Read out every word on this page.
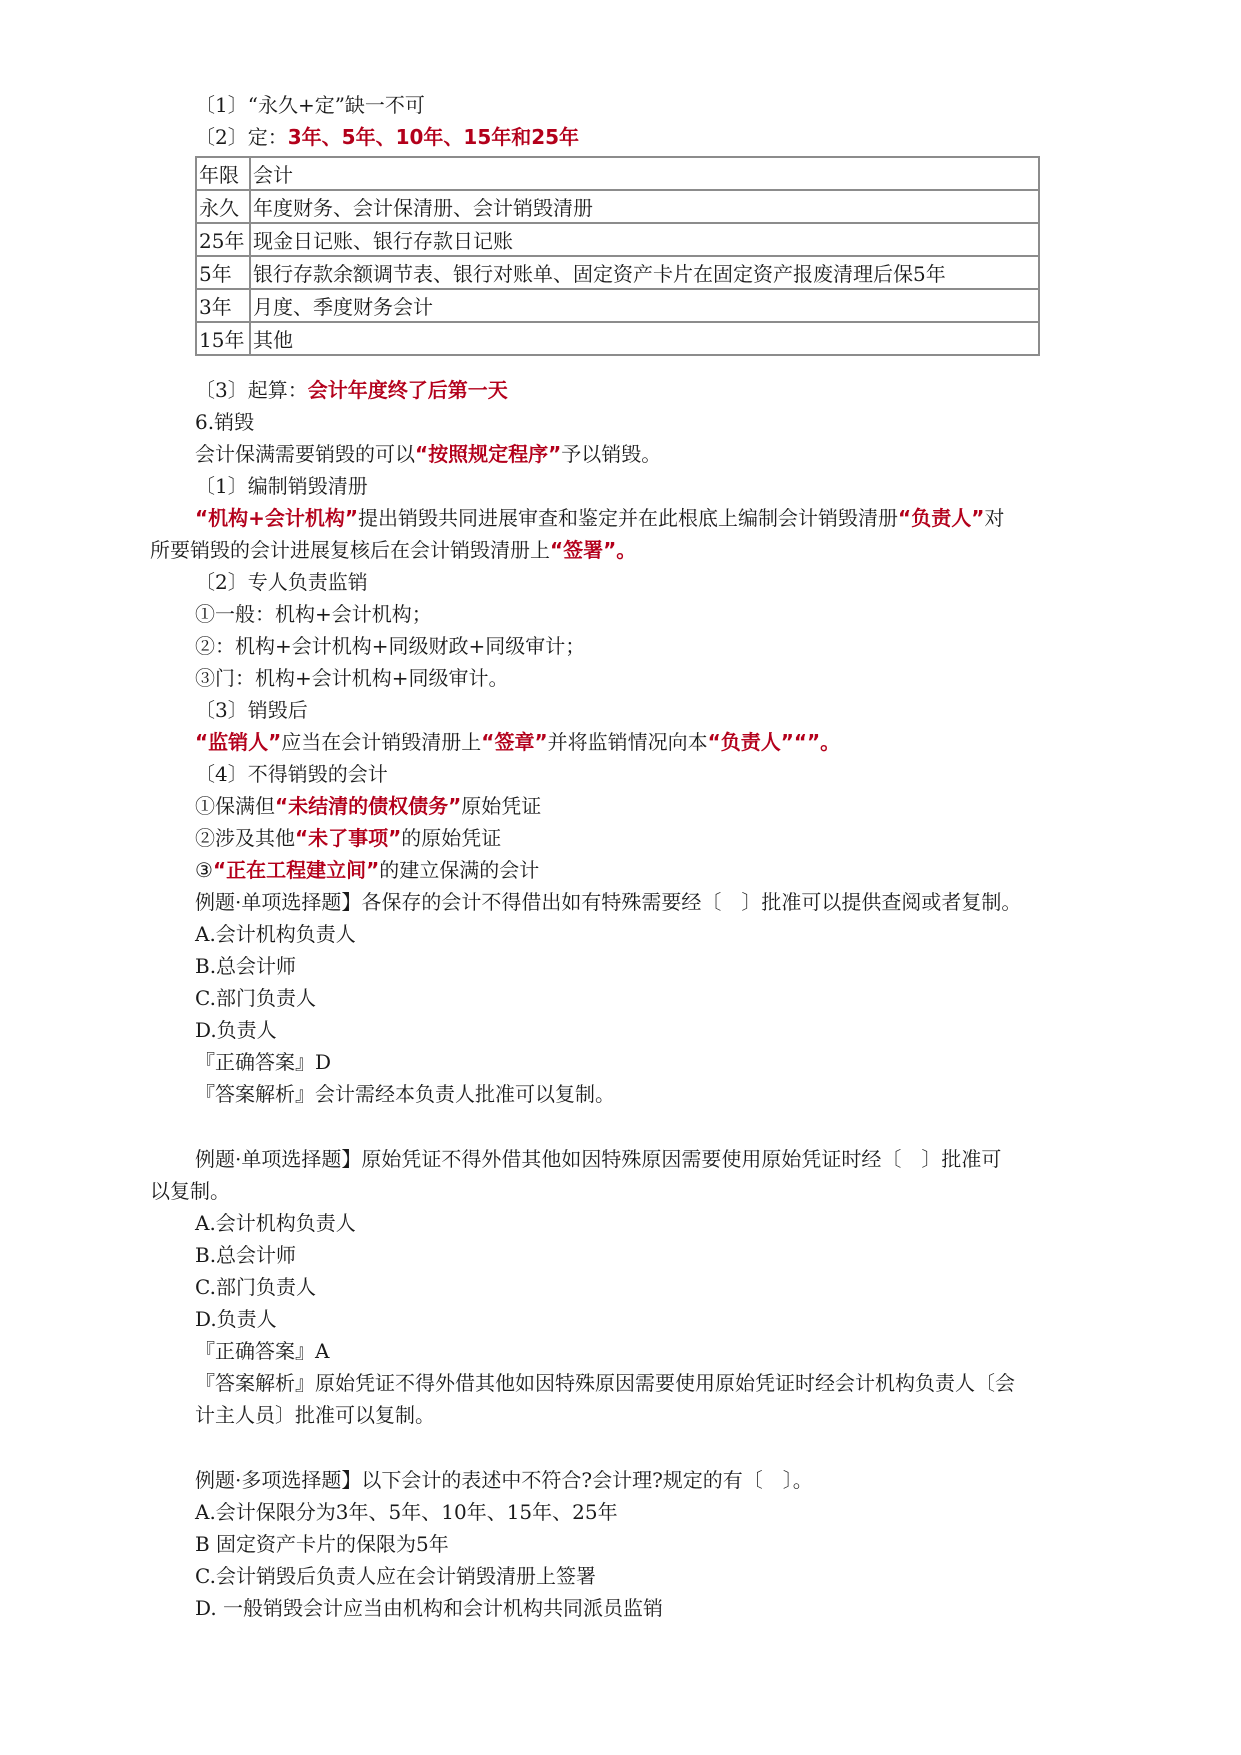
〔1〕“永久+定”缺一不可
〔2〕定：3年、5年、10年、15年和25年
年限	会计
永久	年度财务、会计保清册、会计销毁清册
25年	现金日记账、银行存款日记账
5年	银行存款余额调节表、银行对账单、固定资产卡片在固定资产报废清理后保5年
3年	月度、季度财务会计
15年	其他
〔3〕起算：会计年度终了后第一天
6.销毁
会计保满需要销毁的可以“按照规定程序”予以销毁。
〔1〕编制销毁清册
“机构+会计机构”提出销毁共同进展审查和鉴定并在此根底上编制会计销毁清册“负责人”对
所要销毁的会计进展复核后在会计销毁清册上“签署”。
〔2〕专人负责监销
①一般：机构+会计机构；
②：机构+会计机构+同级财政+同级审计；
③门：机构+会计机构+同级审计。
〔3〕销毁后
“监销人”应当在会计销毁清册上“签章”并将监销情况向本“负责人”“”。
〔4〕不得销毁的会计
①保满但“未结清的债权债务”原始凭证
②涉及其他“未了事项”的原始凭证
③“正在工程建立间”的建立保满的会计
例题·单项选择题】各保存的会计不得借出如有特殊需要经〔　〕批准可以提供查阅或者复制。
A.会计机构负责人
B.总会计师
C.部门负责人
D.负责人
『正确答案』D
『答案解析』会计需经本负责人批准可以复制。
例题·单项选择题】原始凭证不得外借其他如因特殊原因需要使用原始凭证时经〔　〕批准可
以复制。
A.会计机构负责人
B.总会计师
C.部门负责人
D.负责人
『正确答案』A
『答案解析』原始凭证不得外借其他如因特殊原因需要使用原始凭证时经会计机构负责人〔会
计主人员〕批准可以复制。
例题·多项选择题】以下会计的表述中不符合?会计理?规定的有〔　〕。
A.会计保限分为3年、5年、10年、15年、25年
B 固定资产卡片的保限为5年
C.会计销毁后负责人应在会计销毁清册上签署
D. 一般销毁会计应当由机构和会计机构共同派员监销
